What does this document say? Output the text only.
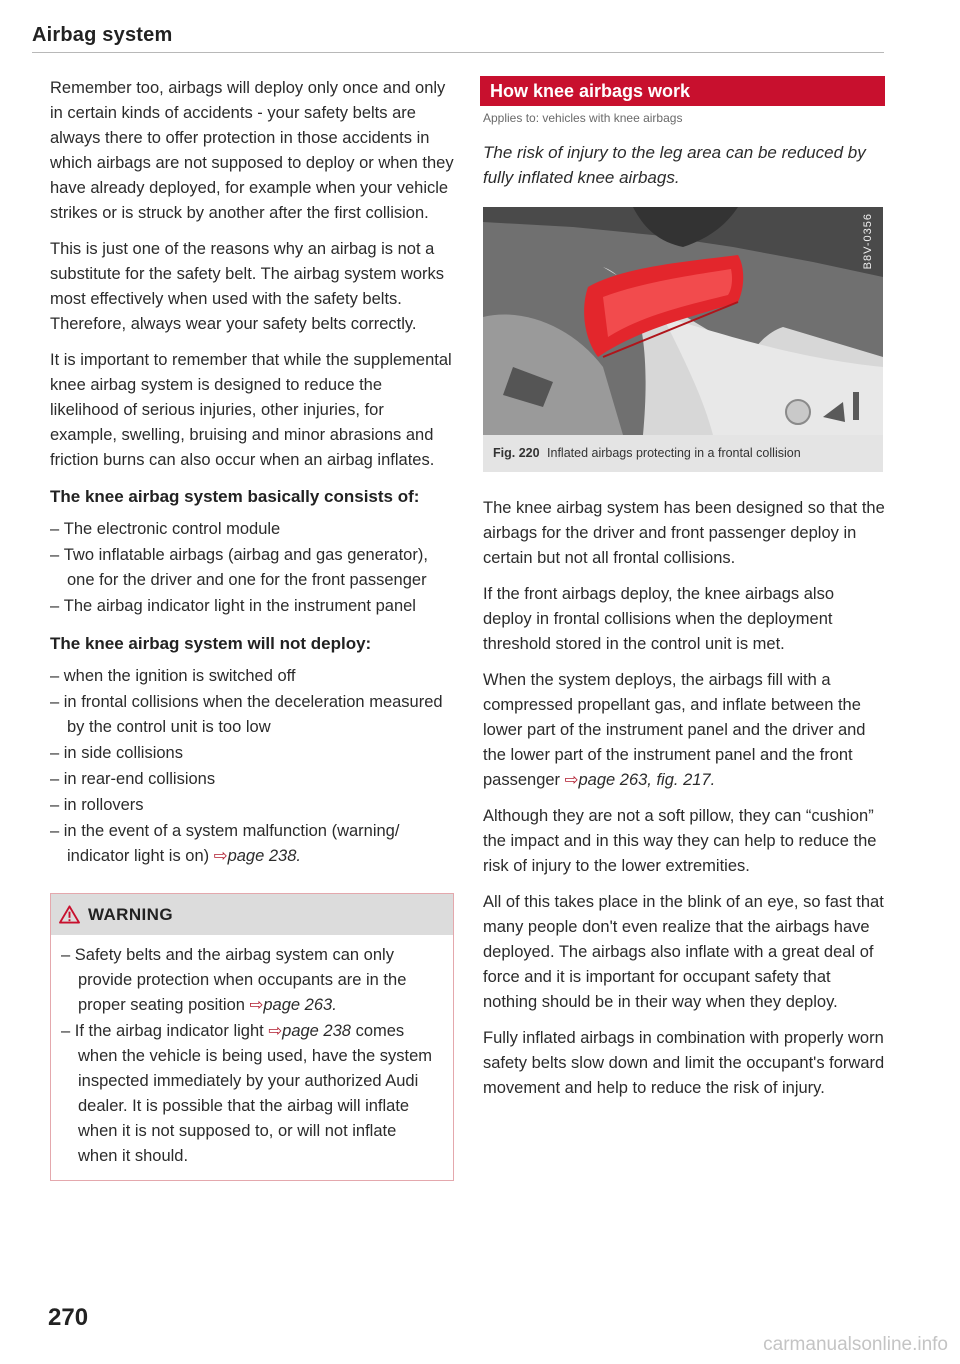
Airbag system

Remember too, airbags will deploy only once and only in certain kinds of accidents - your safety belts are always there to offer protection in those accidents in which airbags are not supposed to deploy or when they have already deployed, for example when your vehicle strikes or is struck by another after the first collision.

This is just one of the reasons why an airbag is not a substitute for the safety belt. The airbag system works most effectively when used with the safety belts. Therefore, always wear your safety belts correctly.

It is important to remember that while the supplemental knee airbag system is designed to reduce the likelihood of serious injuries, other injuries, for example, swelling, bruising and minor abrasions and friction burns can also occur when an airbag inflates.

The knee airbag system basically consists of:
– The electronic control module
– Two inflatable airbags (airbag and gas generator), one for the driver and one for the front passenger
– The airbag indicator light in the instrument panel
The knee airbag system will not deploy:
– when the ignition is switched off
– in frontal collisions when the deceleration measured by the control unit is too low
– in side collisions
– in rear-end collisions
– in rollovers
– in the event of a system malfunction (warning/ indicator light is on) ⇨page 238.
WARNING
– Safety belts and the airbag system can only provide protection when occupants are in the proper seating position ⇨page 263.
– If the airbag indicator light ⇨page 238 comes when the vehicle is being used, have the system inspected immediately by your authorized Audi dealer. It is possible that the airbag will inflate when it is not supposed to, or will not inflate when it should.
How knee airbags work
Applies to: vehicles with knee airbags
The risk of injury to the leg area can be reduced by fully inflated knee airbags.
B8V-0356
Fig. 220 Inflated airbags protecting in a frontal collision

The knee airbag system has been designed so that the airbags for the driver and front passenger deploy in certain but not all frontal collisions.

If the front airbags deploy, the knee airbags also deploy in frontal collisions when the deployment threshold stored in the control unit is met.

When the system deploys, the airbags fill with a compressed propellant gas, and inflate between the lower part of the instrument panel and the driver and the lower part of the instrument panel and the front passenger ⇨page 263, fig. 217.

Although they are not a soft pillow, they can “cushion” the impact and in this way they can help to reduce the risk of injury to the lower extremities.

All of this takes place in the blink of an eye, so fast that many people don't even realize that the airbags have deployed. The airbags also inflate with a great deal of force and it is important for occupant safety that nothing should be in their way when they deploy.

Fully inflated airbags in combination with properly worn safety belts slow down and limit the occupant's forward movement and help to reduce the risk of injury.

270
carmanualsonline.info
